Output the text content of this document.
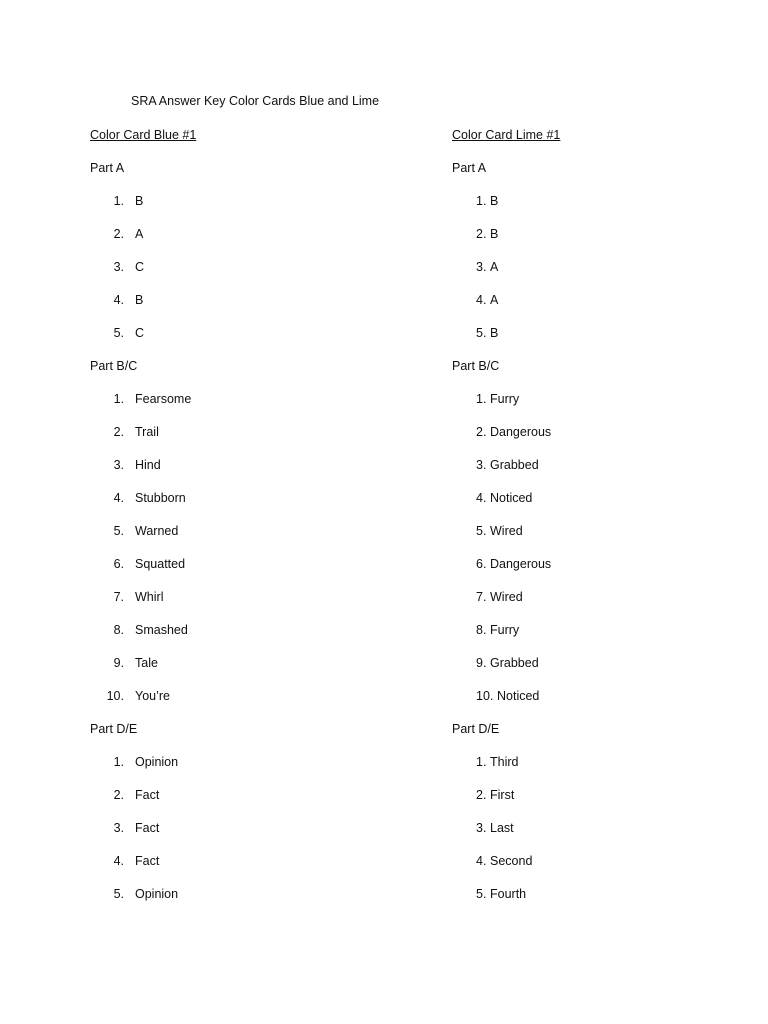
SRA Answer Key Color Cards Blue and Lime
Color Card Blue #1
Part A
1. B
2. A
3. C
4. B
5. C
Part B/C
1. Fearsome
2. Trail
3. Hind
4. Stubborn
5. Warned
6. Squatted
7. Whirl
8. Smashed
9. Tale
10. You’re
Part D/E
1. Opinion
2. Fact
3. Fact
4. Fact
5. Opinion
Color Card Lime #1
Part A
1. B
2. B
3. A
4. A
5. B
Part B/C
1. Furry
2. Dangerous
3. Grabbed
4. Noticed
5. Wired
6. Dangerous
7. Wired
8. Furry
9. Grabbed
10. Noticed
Part D/E
1. Third
2. First
3. Last
4. Second
5. Fourth
